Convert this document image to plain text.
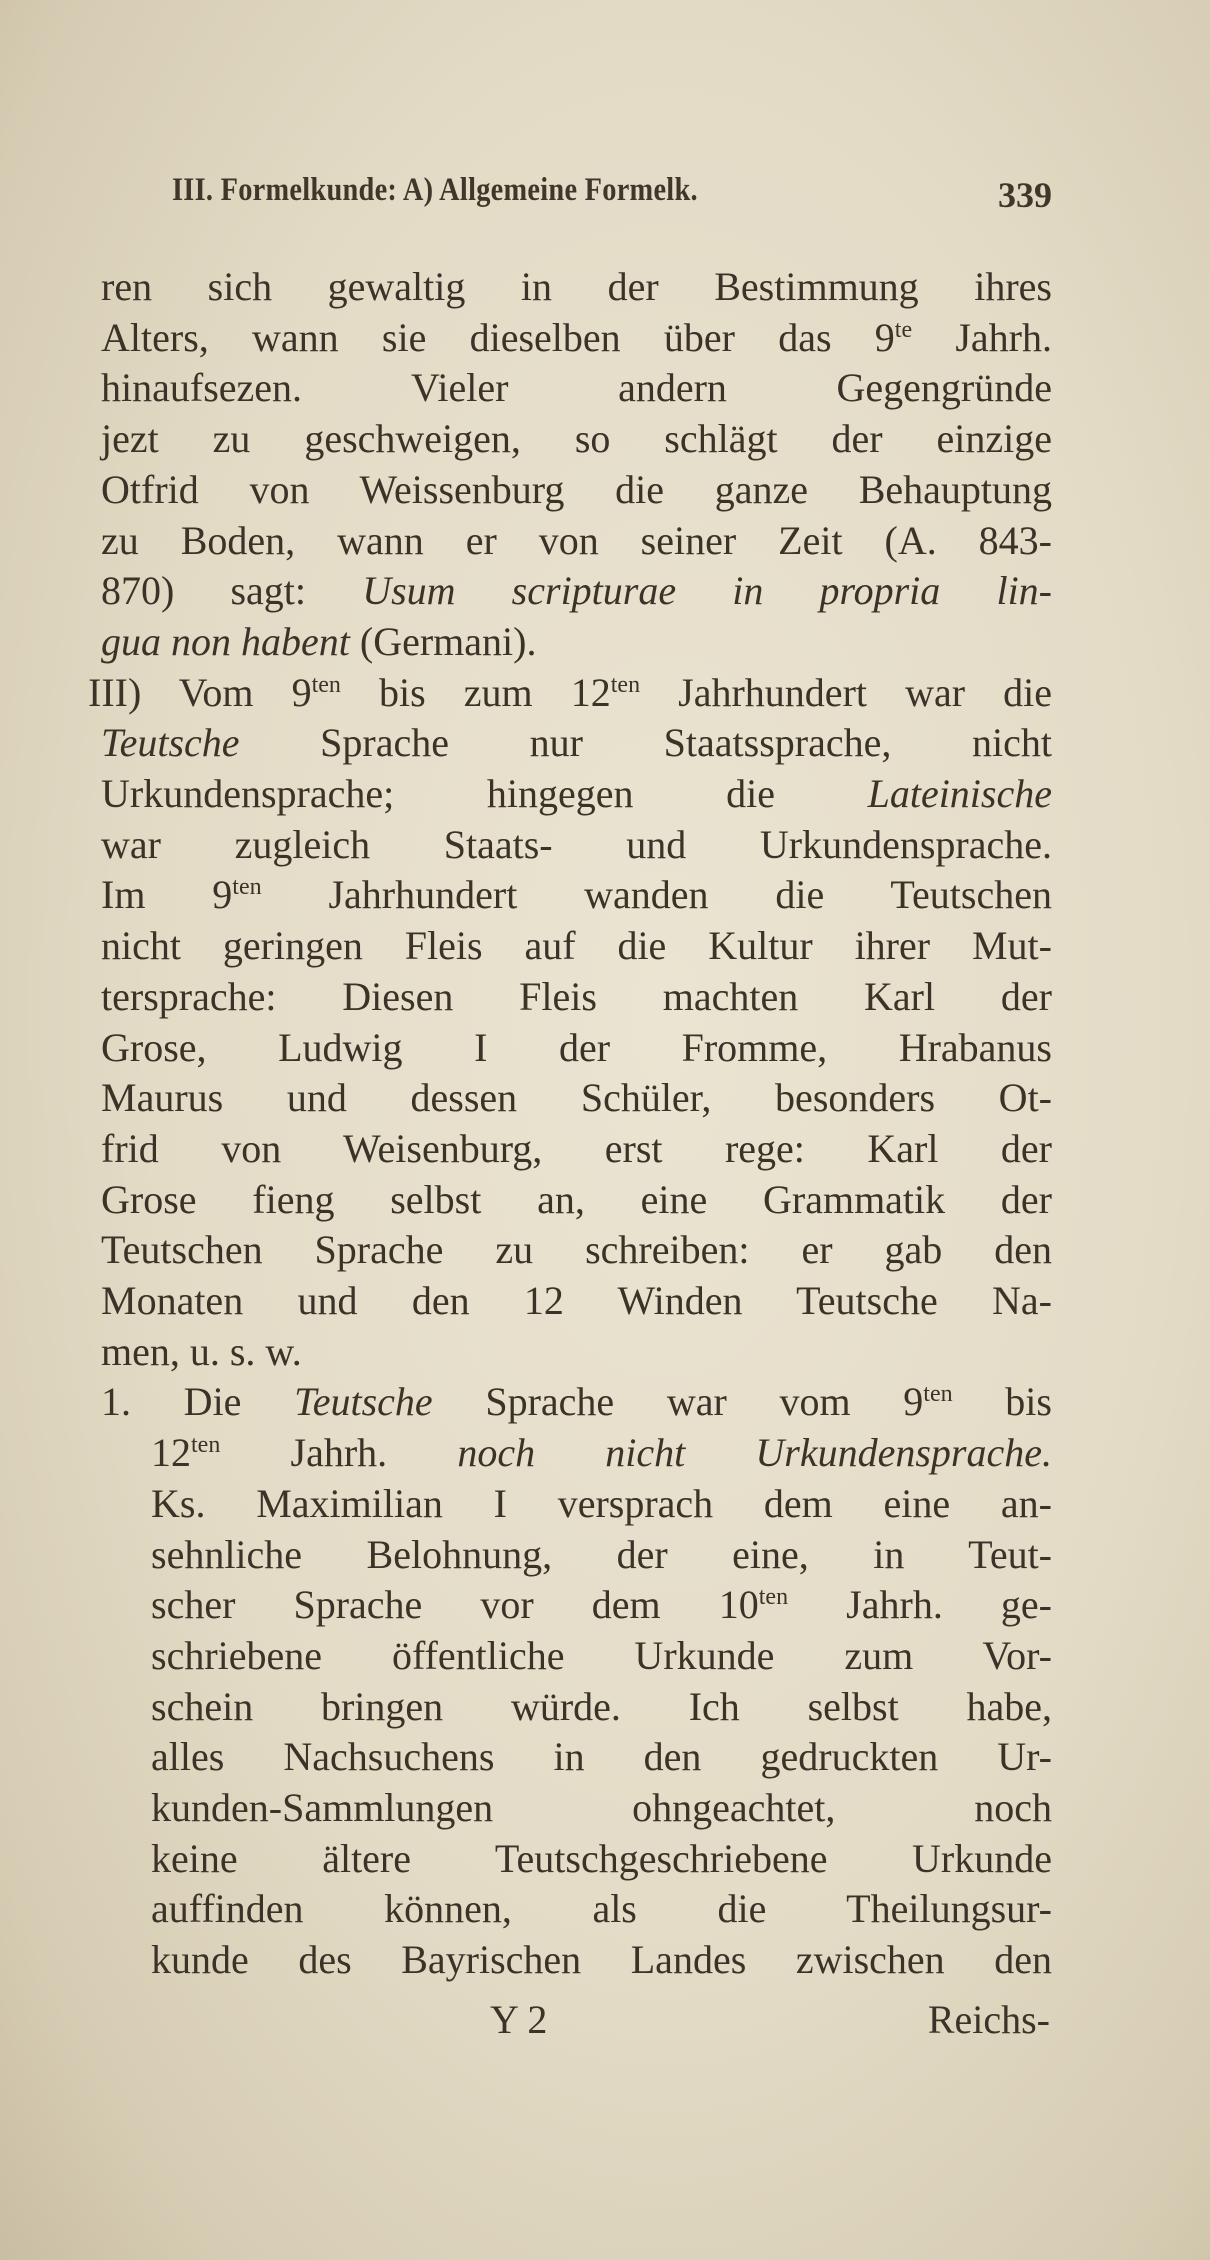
III. Formelkunde: A) Allgemeine Formelk.	339
ren sich gewaltig in der Bestimmung ihres
Alters, wann sie dieselben über das $9^{te}$ Jahrh.
hinaufsezen. Vieler andern Gegengründe
jezt zu geschweigen, so schlägt der einzige
Otfrid von Weissenburg die ganze Behauptung
zu Boden, wann er von seiner Zeit (A. 843-
870) sagt: Usum scripturae in propria lin-
gua non habent (Germani).
III) Vom $9^{ten}$ bis zum $12^{ten}$ Jahrhundert war die
Teutsche Sprache nur Staatssprache, nicht
Urkundensprache; hingegen die Lateinische
war zugleich Staats- und Urkundensprache.
Im $9^{ten}$ Jahrhundert wanden die Teutschen
nicht geringen Fleis auf die Kultur ihrer Mut-
tersprache: Diesen Fleis machten Karl der
Grose, Ludwig I der Fromme, Hrabanus
Maurus und dessen Schüler, besonders Ot-
frid von Weisenburg, erst rege: Karl der
Grose fieng selbst an, eine Grammatik der
Teutschen Sprache zu schreiben: er gab den
Monaten und den 12 Winden Teutsche Na-
men, u. s. w.
1. Die Teutsche Sprache war vom $9^{ten}$ bis
$12^{ten}$ Jahrh. noch nicht Urkundensprache.
Ks. Maximilian I versprach dem eine an-
sehnliche Belohnung, der eine, in Teut-
scher Sprache vor dem $10^{ten}$ Jahrh. ge-
schriebene öffentliche Urkunde zum Vor-
schein bringen würde. Ich selbst habe,
alles Nachsuchens in den gedruckten Ur-
kunden-Sammlungen ohngeachtet, noch
keine ältere Teutschgeschriebene Urkunde
auffinden können, als die Theilungsur-
kunde des Bayrischen Landes zwischen den
Y 2	Reichs-
